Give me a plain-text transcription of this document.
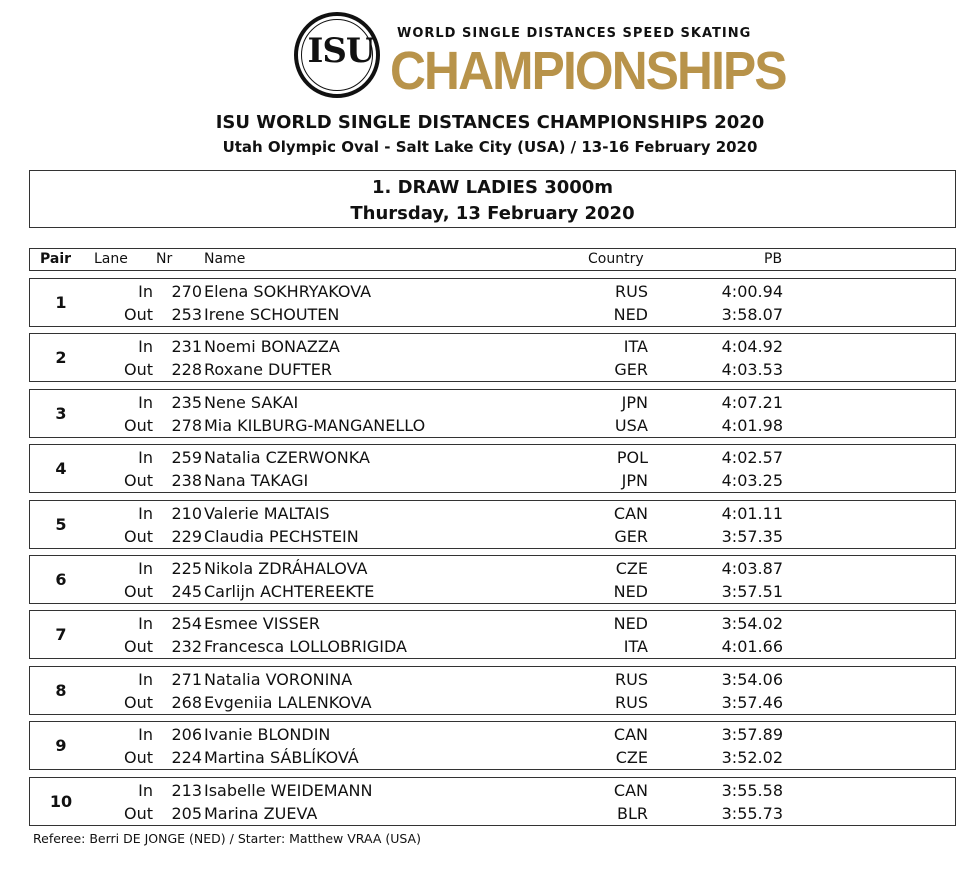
ISU	WORLD SINGLE DISTANCES SPEED SKATING
CHAMPIONSHIPS
ISU WORLD SINGLE DISTANCES CHAMPIONSHIPS 2020
Utah Olympic Oval - Salt Lake City (USA) / 13-16 February 2020
1. DRAW LADIES 3000m
Thursday, 13 February 2020
Pair Lane Nr Name	Country	PB
1
In 270 Elena SOKHRYAKOVA	RUS	4:00.94
Out 253 Irene SCHOUTEN	NED	3:58.07
2
In 231 Noemi BONAZZA	ITA	4:04.92
Out 228 Roxane DUFTER	GER	4:03.53
3
In 235 Nene SAKAI	JPN	4:07.21
Out 278 Mia KILBURG-MANGANELLO	USA	4:01.98
4
In 259 Natalia CZERWONKA	POL	4:02.57
Out 238 Nana TAKAGI	JPN	4:03.25
5
In 210 Valerie MALTAIS	CAN	4:01.11
Out 229 Claudia PECHSTEIN	GER	3:57.35
6
In 225 Nikola ZDRÁHALOVA	CZE	4:03.87
Out 245 Carlijn ACHTEREEKTE	NED	3:57.51
7
In 254 Esmee VISSER	NED	3:54.02
Out 232 Francesca LOLLOBRIGIDA	ITA	4:01.66
8
In 271 Natalia VORONINA	RUS	3:54.06
Out 268 Evgeniia LALENKOVA	RUS	3:57.46
9
In 206 Ivanie BLONDIN	CAN	3:57.89
Out 224 Martina SÁBLÍKOVÁ	CZE	3:52.02
10
In 213 Isabelle WEIDEMANN	CAN	3:55.58
Out 205 Marina ZUEVA	BLR	3:55.73
Referee: Berri DE JONGE (NED) / Starter: Matthew VRAA (USA)
